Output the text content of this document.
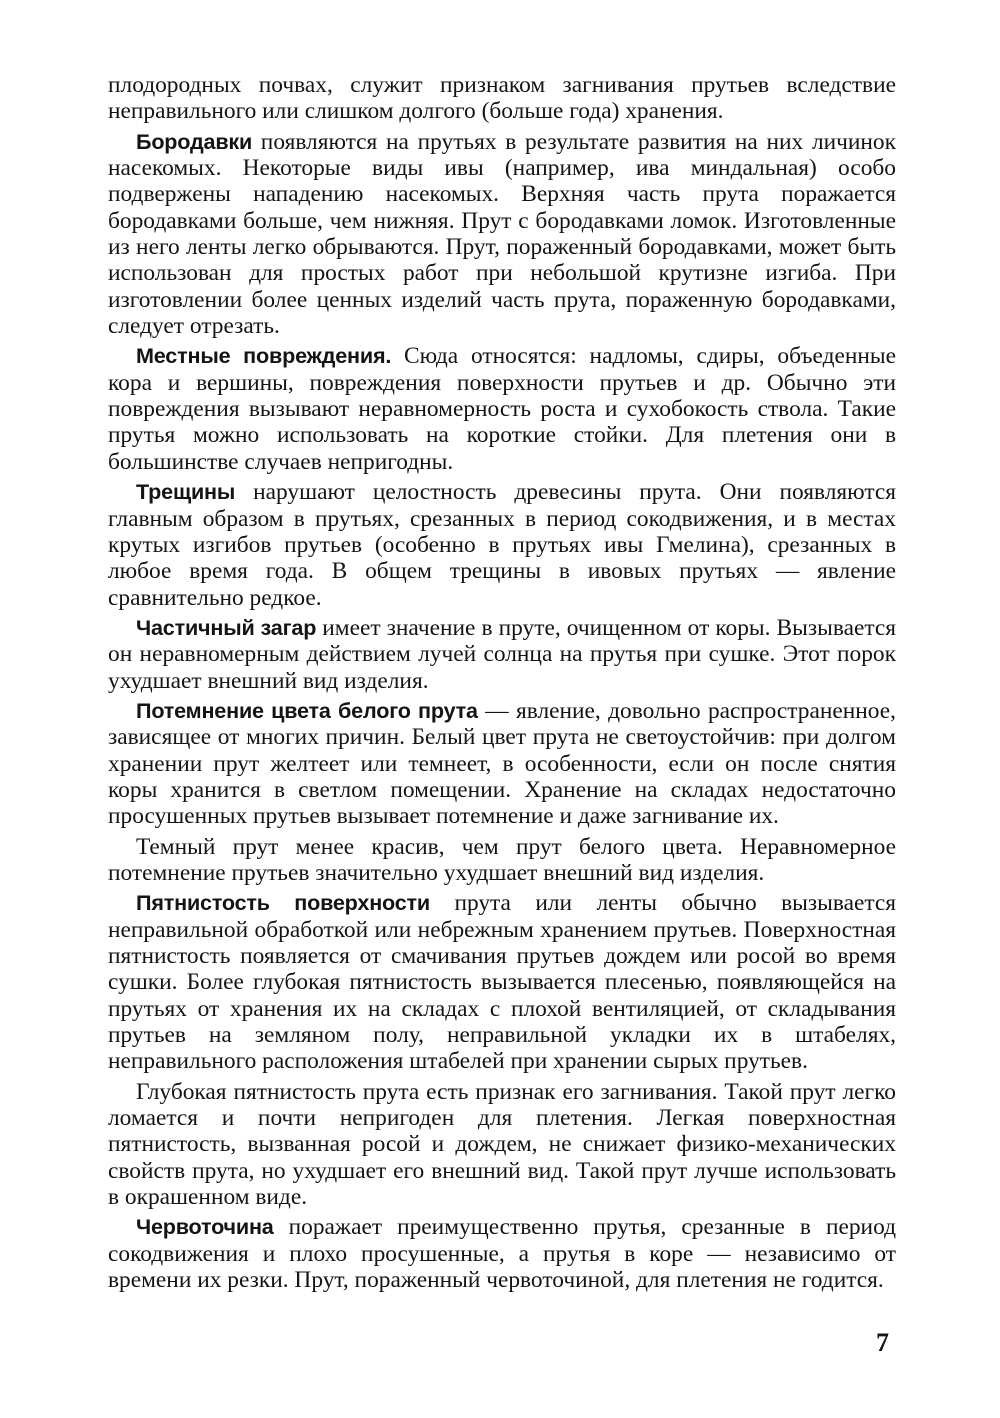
плодородных почвах, служит признаком загнивания прутьев вследствие неправильного или слишком долгого (больше года) хранения.

Бородавки появляются на прутьях в результате развития на них личинок насекомых. Некоторые виды ивы (например, ива миндальная) особо подвержены нападению насекомых. Верхняя часть прута поражается бородавками больше, чем нижняя. Прут с бородавками ломок. Изготовленные из него ленты легко обрываются. Прут, пораженный бородавками, может быть использован для простых работ при небольшой крутизне изгиба. При изготовлении более ценных изделий часть прута, пораженную бородавками, следует отрезать.

Местные повреждения. Сюда относятся: надломы, сдиры, объеденные кора и вершины, повреждения поверхности прутьев и др. Обычно эти повреждения вызывают неравномерность роста и сухобокость ствола. Такие прутья можно использовать на короткие стойки. Для плетения они в большинстве случаев непригодны.

Трещины нарушают целостность древесины прута. Они появляются главным образом в прутьях, срезанных в период сокодвижения, и в местах крутых изгибов прутьев (особенно в прутьях ивы Гмелина), срезанных в любое время года. В общем трещины в ивовых прутьях — явление сравнительно редкое.

Частичный загар имеет значение в пруте, очищенном от коры. Вызывается он неравномерным действием лучей солнца на прутья при сушке. Этот порок ухудшает внешний вид изделия.

Потемнение цвета белого прута — явление, довольно распространенное, зависящее от многих причин. Белый цвет прута не светоустойчив: при долгом хранении прут желтеет или темнеет, в особенности, если он после снятия коры хранится в светлом помещении. Хранение на складах недостаточно просушенных прутьев вызывает потемнение и даже загнивание их.

Темный прут менее красив, чем прут белого цвета. Неравномерное потемнение прутьев значительно ухудшает внешний вид изделия.

Пятнистость поверхности прута или ленты обычно вызывается неправильной обработкой или небрежным хранением прутьев. Поверхностная пятнистость появляется от смачивания прутьев дождем или росой во время сушки. Более глубокая пятнистость вызывается плесенью, появляющейся на прутьях от хранения их на складах с плохой вентиляцией, от складывания прутьев на земляном полу, неправильной укладки их в штабелях, неправильного расположения штабелей при хранении сырых прутьев.

Глубокая пятнистость прута есть признак его загнивания. Такой прут легко ломается и почти непригоден для плетения. Легкая поверхностная пятнистость, вызванная росой и дождем, не снижает физико-механических свойств прута, но ухудшает его внешний вид. Такой прут лучше использовать в окрашенном виде.

Червоточина поражает преимущественно прутья, срезанные в период сокодвижения и плохо просушенные, а прутья в коре — независимо от времени их резки. Прут, пораженный червоточиной, для плетения не годится.

7
